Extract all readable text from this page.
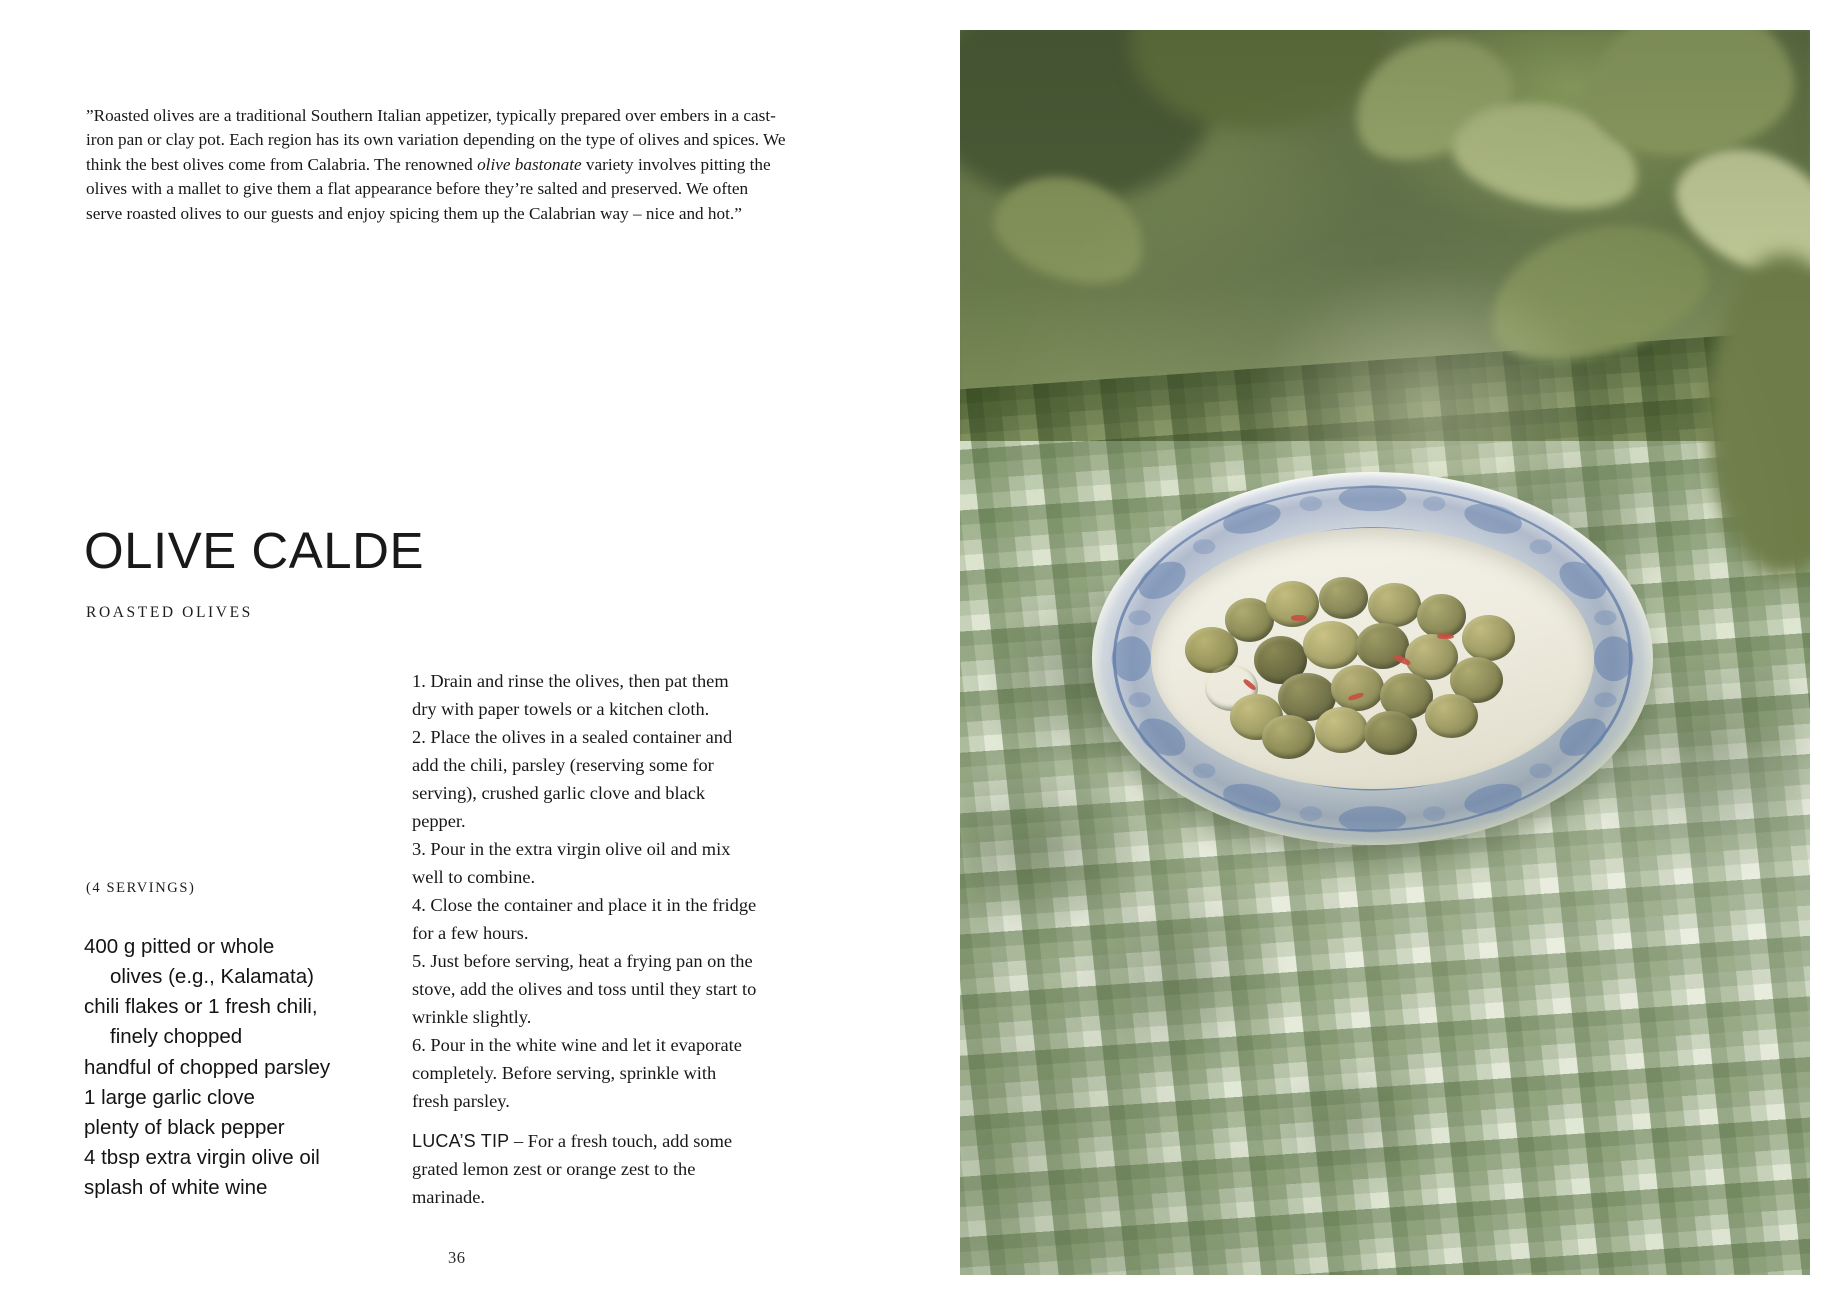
”Roasted olives are a traditional Southern Italian appetizer, typically prepared over embers in a cast-iron pan or clay pot. Each region has its own variation depending on the type of olives and spices. We think the best olives come from Calabria. The renowned olive bastonate variety involves pitting the olives with a mallet to give them a flat appearance before they’re salted and preserved. We often serve roasted olives to our guests and enjoy spicing them up the Calabrian way – nice and hot.”
OLIVE CALDE
ROASTED OLIVES
(4 SERVINGS)
400 g pitted or whole
olives (e.g., Kalamata)
chili flakes or 1 fresh chili,
finely chopped
handful of chopped parsley
1 large garlic clove
plenty of black pepper
4 tbsp extra virgin olive oil
splash of white wine

1. Drain and rinse the olives, then pat them dry with paper towels or a kitchen cloth.

2. Place the olives in a sealed container and add the chili, parsley (reserving some for serving), crushed garlic clove and black pepper.

3. Pour in the extra virgin olive oil and mix well to combine.

4. Close the container and place it in the fridge for a few hours.

5. Just before serving, heat a frying pan on the stove, add the olives and toss until they start to wrinkle slightly.

6. Pour in the white wine and let it evaporate completely. Before serving, sprinkle with fresh parsley.

LUCA’S TIP – For a fresh touch, add some grated lemon zest or orange zest to the marinade.
36
